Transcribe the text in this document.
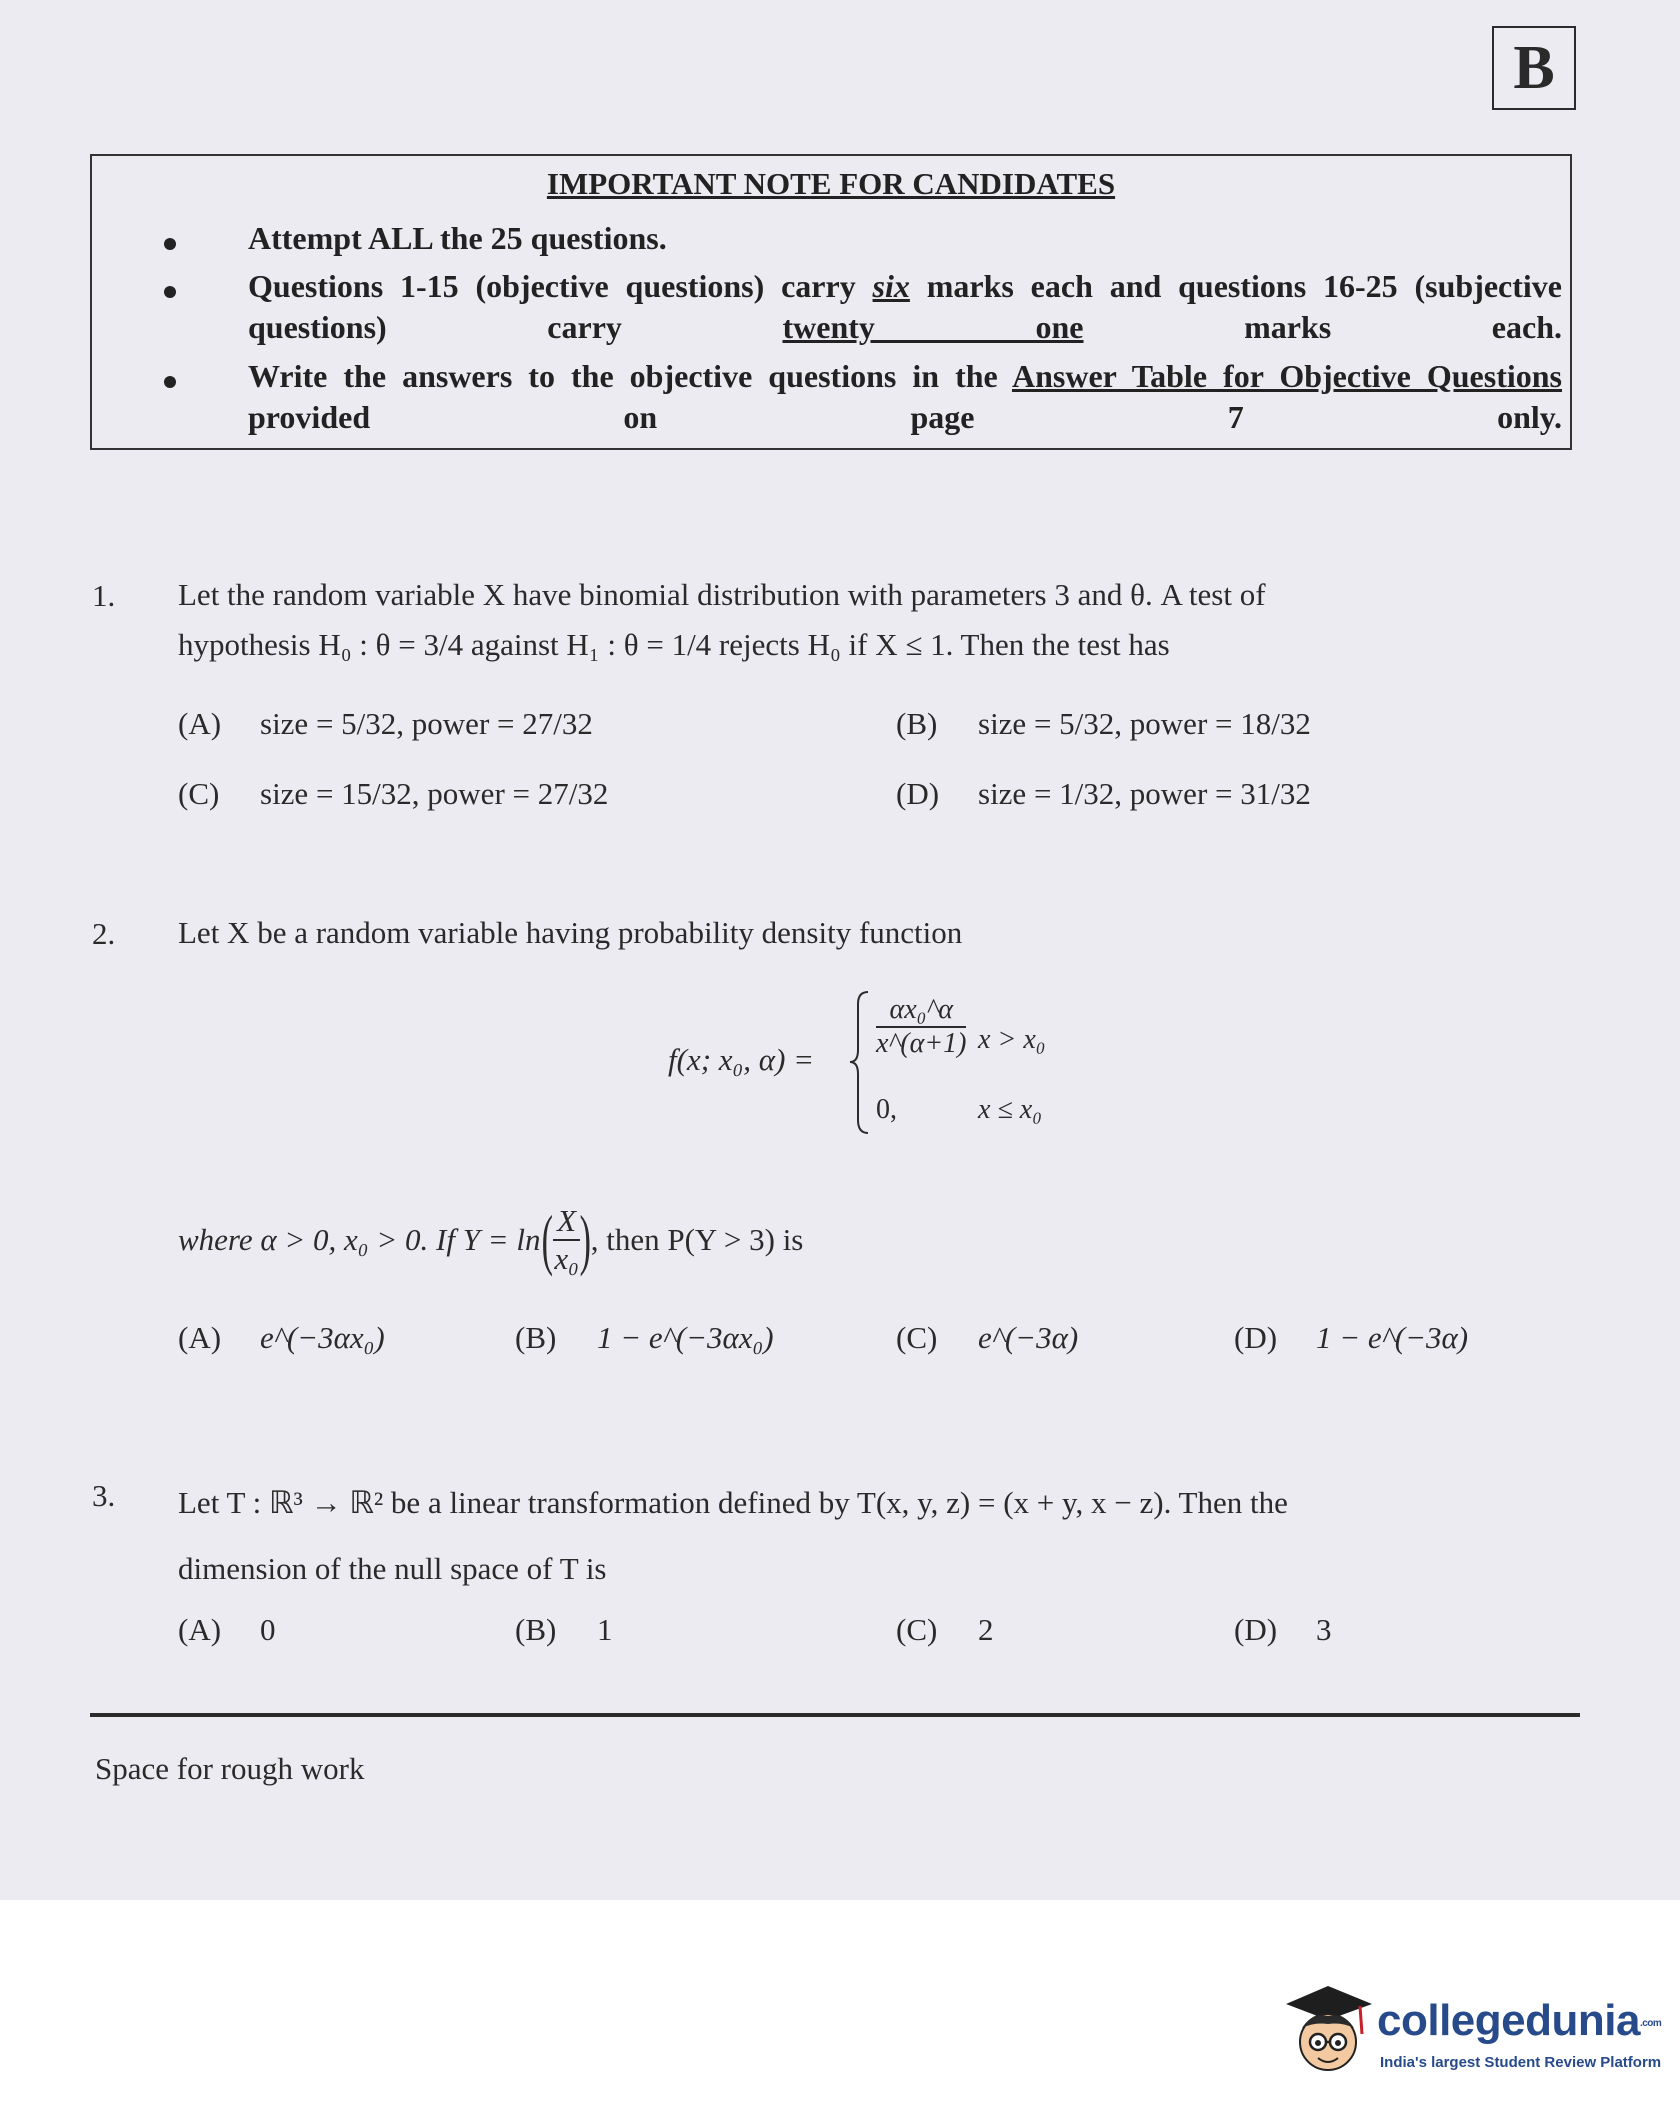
B
IMPORTANT NOTE FOR CANDIDATES
Attempt ALL the 25 questions.
Questions 1-15 (objective questions) carry six marks each and questions 16-25 (subjective questions) carry twenty one marks each.
Write the answers to the objective questions in the Answer Table for Objective Questions provided on page 7 only.
1. Let the random variable X have binomial distribution with parameters 3 and θ. A test of
hypothesis H₀ : θ = 3/4 against H₁ : θ = 1/4 rejects H₀ if X ≤ 1. Then the test has
(A) size = 5/32, power = 27/32	(B) size = 5/32, power = 18/32
(C) size = 15/32, power = 27/32	(D) size = 1/32, power = 31/32
2. Let X be a random variable having probability density function
f(x; x₀, $\alpha) = \frac{\text{αx₀\textasciicircum{}α}}{x\^{}(\alpha+1)}$ x > x₀
0,	x ≤ x₀
where α > 0, x₀ > 0. If Y = ln ( $\frac{X}{\text{x₀}}$ ) , then P(Y > 3) is
(A) e^(−3αx₀)	(B) 1 − e^(−3αx₀)	(C) e^(−3α)	(D) 1 − e^(−3α)
3. Let T : ℝ³ → ℝ² be a linear transformation defined by T(x, y, z) = (x + y, x − z). Then the
dimension of the null space of T is
(A) 0	(B) 1	(C) 2	(D) 3
Space for rough work
collegedunia.com
India's largest Student Review Platform
